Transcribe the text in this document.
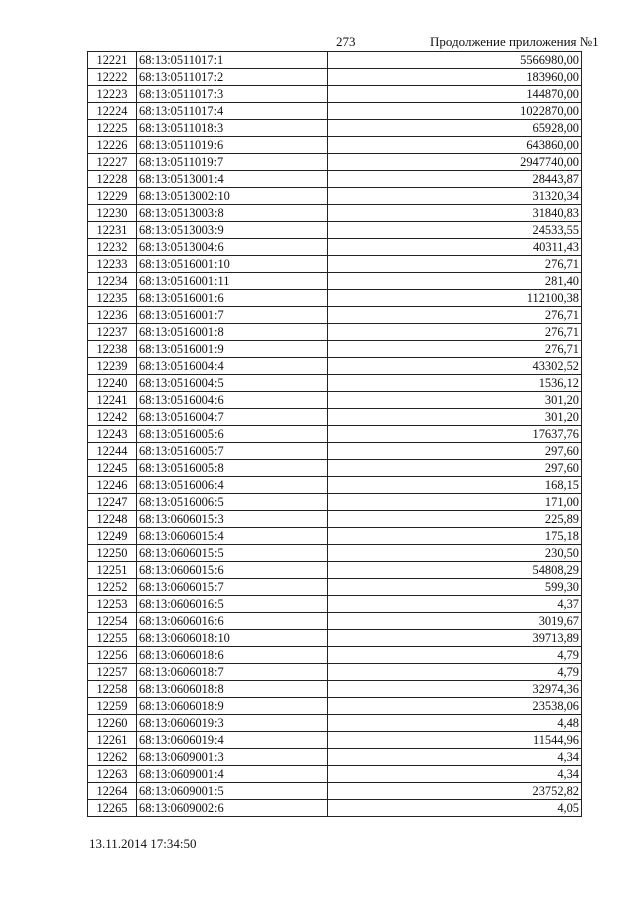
273	Продолжение приложения №1
12221	68:13:0511017:1	5566980,00
12222	68:13:0511017:2	183960,00
12223	68:13:0511017:3	144870,00
12224	68:13:0511017:4	1022870,00
12225	68:13:0511018:3	65928,00
12226	68:13:0511019:6	643860,00
12227	68:13:0511019:7	2947740,00
12228	68:13:0513001:4	28443,87
12229	68:13:0513002:10	31320,34
12230	68:13:0513003:8	31840,83
12231	68:13:0513003:9	24533,55
12232	68:13:0513004:6	40311,43
12233	68:13:0516001:10	276,71
12234	68:13:0516001:11	281,40
12235	68:13:0516001:6	112100,38
12236	68:13:0516001:7	276,71
12237	68:13:0516001:8	276,71
12238	68:13:0516001:9	276,71
12239	68:13:0516004:4	43302,52
12240	68:13:0516004:5	1536,12
12241	68:13:0516004:6	301,20
12242	68:13:0516004:7	301,20
12243	68:13:0516005:6	17637,76
12244	68:13:0516005:7	297,60
12245	68:13:0516005:8	297,60
12246	68:13:0516006:4	168,15
12247	68:13:0516006:5	171,00
12248	68:13:0606015:3	225,89
12249	68:13:0606015:4	175,18
12250	68:13:0606015:5	230,50
12251	68:13:0606015:6	54808,29
12252	68:13:0606015:7	599,30
12253	68:13:0606016:5	4,37
12254	68:13:0606016:6	3019,67
12255	68:13:0606018:10	39713,89
12256	68:13:0606018:6	4,79
12257	68:13:0606018:7	4,79
12258	68:13:0606018:8	32974,36
12259	68:13:0606018:9	23538,06
12260	68:13:0606019:3	4,48
12261	68:13:0606019:4	11544,96
12262	68:13:0609001:3	4,34
12263	68:13:0609001:4	4,34
12264	68:13:0609001:5	23752,82
12265	68:13:0609002:6	4,05
13.11.2014 17:34:50
